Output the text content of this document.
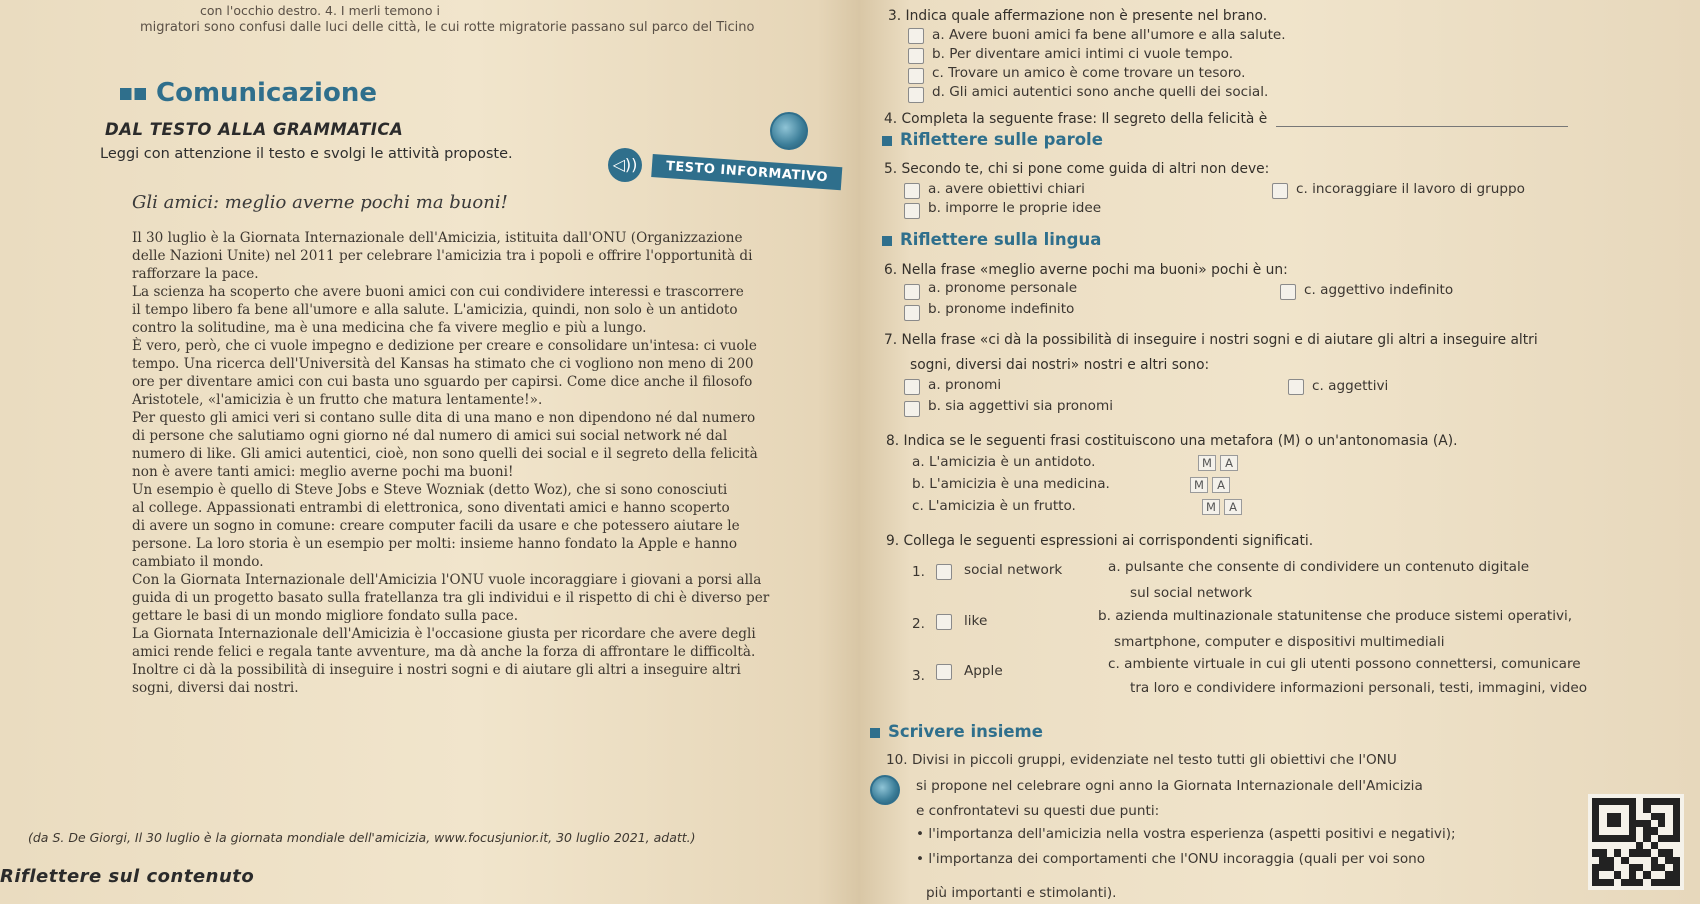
con l'occhio destro. 4. I merli temono i
migratori sono confusi dalle luci delle città, le cui rotte migratorie passano sul parco del Ticino
Comunicazione
DAL TESTO ALLA GRAMMATICA
Leggi con attenzione il testo e svolgi le attività proposte.
◁))	TESTO INFORMATIVO
Gli amici: meglio averne pochi ma buoni!
Il 30 luglio è la Giornata Internazionale dell'Amicizia, istituita dall'ONU (Organizzazione
delle Nazioni Unite) nel 2011 per celebrare l'amicizia tra i popoli e offrire l'opportunità di
rafforzare la pace.
La scienza ha scoperto che avere buoni amici con cui condividere interessi e trascorrere
il tempo libero fa bene all'umore e alla salute. L'amicizia, quindi, non solo è un antidoto
contro la solitudine, ma è una medicina che fa vivere meglio e più a lungo.
È vero, però, che ci vuole impegno e dedizione per creare e consolidare un'intesa: ci vuole
tempo. Una ricerca dell'Università del Kansas ha stimato che ci vogliono non meno di 200
ore per diventare amici con cui basta uno sguardo per capirsi. Come dice anche il filosofo
Aristotele, «l'amicizia è un frutto che matura lentamente!».
Per questo gli amici veri si contano sulle dita di una mano e non dipendono né dal numero
di persone che salutiamo ogni giorno né dal numero di amici sui social network né dal
numero di like. Gli amici autentici, cioè, non sono quelli dei social e il segreto della felicità
non è avere tanti amici: meglio averne pochi ma buoni!
Un esempio è quello di Steve Jobs e Steve Wozniak (detto Woz), che si sono conosciuti
al college. Appassionati entrambi di elettronica, sono diventati amici e hanno scoperto
di avere un sogno in comune: creare computer facili da usare e che potessero aiutare le
persone. La loro storia è un esempio per molti: insieme hanno fondato la Apple e hanno
cambiato il mondo.
Con la Giornata Internazionale dell'Amicizia l'ONU vuole incoraggiare i giovani a porsi alla
guida di un progetto basato sulla fratellanza tra gli individui e il rispetto di chi è diverso per
gettare le basi di un mondo migliore fondato sulla pace.
La Giornata Internazionale dell'Amicizia è l'occasione giusta per ricordare che avere degli
amici rende felici e regala tante avventure, ma dà anche la forza di affrontare le difficoltà.
Inoltre ci dà la possibilità di inseguire i nostri sogni e di aiutare gli altri a inseguire altri
sogni, diversi dai nostri.
(da S. De Giorgi, Il 30 luglio è la giornata mondiale dell'amicizia, www.focusjunior.it, 30 luglio 2021, adatt.)
Riflettere sul contenuto
3. Indica quale affermazione non è presente nel brano.
a. Avere buoni amici fa bene all'umore e alla salute.
b. Per diventare amici intimi ci vuole tempo.
c. Trovare un amico è come trovare un tesoro.
d. Gli amici autentici sono anche quelli dei social.
4. Completa la seguente frase: Il segreto della felicità è
Riflettere sulle parole
5. Secondo te, chi si pone come guida di altri non deve:
a. avere obiettivi chiari
b. imporre le proprie idee
c. incoraggiare il lavoro di gruppo
Riflettere sulla lingua
6. Nella frase «meglio averne pochi ma buoni» pochi è un:
a. pronome personale
b. pronome indefinito
c. aggettivo indefinito
7. Nella frase «ci dà la possibilità di inseguire i nostri sogni e di aiutare gli altri a inseguire altri
sogni, diversi dai nostri» nostri e altri sono:
a. pronomi
b. sia aggettivi sia pronomi
c. aggettivi
8. Indica se le seguenti frasi costituiscono una metafora (M) o un'antonomasia (A).
a. L'amicizia è un antidoto.	M	A
b. L'amicizia è una medicina.	M	A
c. L'amicizia è un frutto.	M	A
9. Collega le seguenti espressioni ai corrispondenti significati.
1.	social network
2.	like
3.	Apple
a. pulsante che consente di condividere un contenuto digitale
sul social network
b. azienda multinazionale statunitense che produce sistemi operativi,
smartphone, computer e dispositivi multimediali
c. ambiente virtuale in cui gli utenti possono connettersi, comunicare
tra loro e condividere informazioni personali, testi, immagini, video
Scrivere insieme
10. Divisi in piccoli gruppi, evidenziate nel testo tutti gli obiettivi che l'ONU
si propone nel celebrare ogni anno la Giornata Internazionale dell'Amicizia
e confrontatevi su questi due punti:
• l'importanza dell'amicizia nella vostra esperienza (aspetti positivi e negativi);
• l'importanza dei comportamenti che l'ONU incoraggia (quali per voi sono
più importanti e stimolanti).
